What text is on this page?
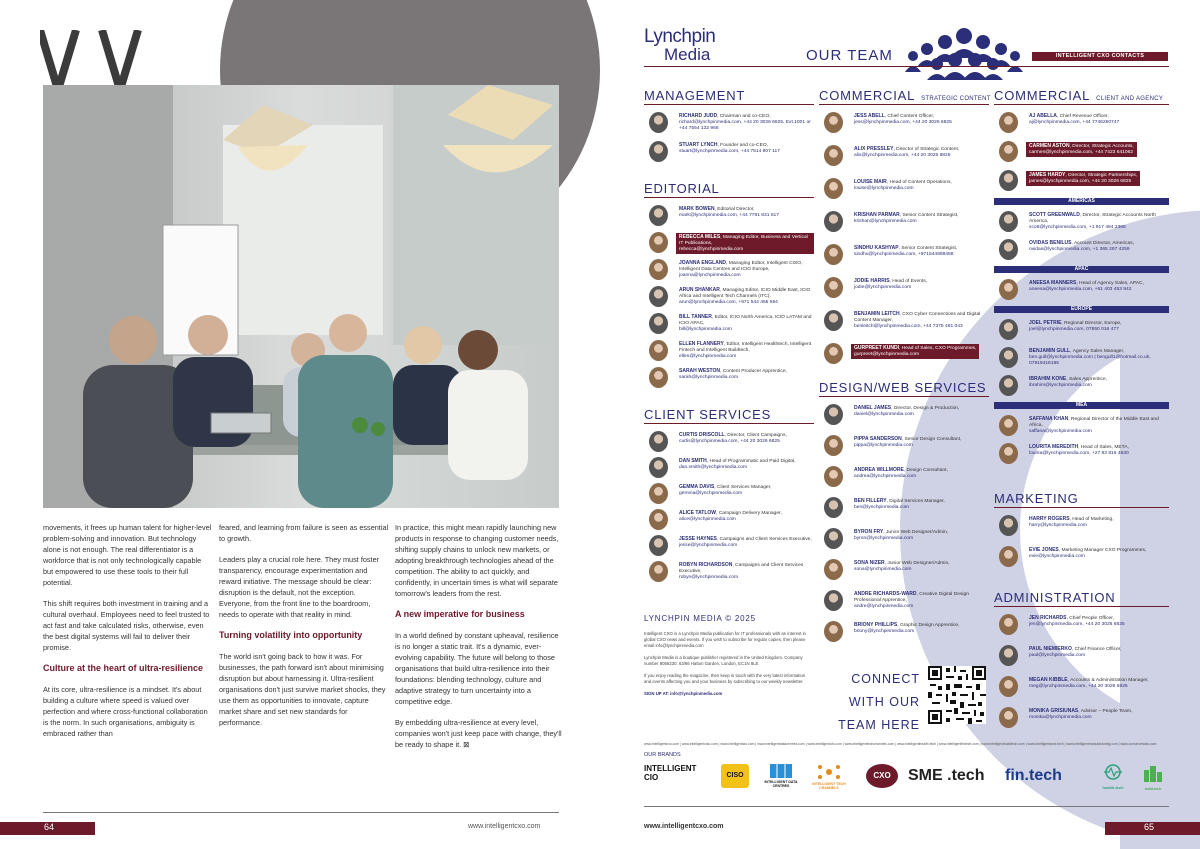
movements, it frees up human talent for higher-level problem-solving and innovation. But technology alone is not enough. The real differentiator is a workforce that is not only technologically capable but empowered to use these tools to their full potential.

This shift requires both investment in training and a cultural overhaul. Employees need to feel trusted to act fast and take calculated risks, otherwise, even the best digital systems will fail to deliver their promise.

Culture at the heart of ultra-resilience

At its core, ultra-resilience is a mindset. It's about building a culture where speed is valued over perfection and where cross-functional collaboration is the norm. In such organisations, ambiguity is embraced rather than

feared, and learning from failure is seen as essential to growth.

Leaders play a crucial role here. They must foster transparency, encourage experimentation and reward initiative. The message should be clear: disruption is the default, not the exception. Everyone, from the front line to the boardroom, needs to operate with that reality in mind.

Turning volatility into opportunity

The world isn't going back to how it was. For businesses, the path forward isn't about minimising disruption but about harnessing it. Ultra-resilient organisations don't just survive market shocks, they use them as opportunities to innovate, capture market share and set new standards for performance.

In practice, this might mean rapidly launching new products in response to changing customer needs, shifting supply chains to unlock new markets, or adopting breakthrough technologies ahead of the competition. The ability to act quickly, and confidently, in uncertain times is what will separate tomorrow's leaders from the rest.

A new imperative for business

In a world defined by constant upheaval, resilience is no longer a static trait. It's a dynamic, ever-evolving capability. The future will belong to those organisations that build ultra-resilience into their foundations: blending technology, culture and adaptive strategy to turn uncertainty into a competitive edge.

By embedding ultra-resilience at every level, companies won't just keep pace with change, they'll be ready to shape it. ⊠

64	www.intelligentcxo.com
Lynchpin
Media	OUR TEAM	INTELLIGENT CXO CONTACTS
MANAGEMENT
RICHARD JUDD, Chairman and co-CEO,
richard@lynchpinmedia.com, +44 20 3026 6825, Ext.1001 or +44 7554 132 966
STUART LYNCH, Founder and co-CEO,
stuart@lynchpinmedia.com, +44 7514 807 117
EDITORIAL
MARK BOWEN, Editorial Director,
mark@lynchpinmedia.com, +44 7791 831 617
REBECCA MILES, Managing Editor, Business and Vertical IT Publications,
rebecca@lynchpinmedia.com
JOANNA ENGLAND, Managing Editor, Intelligent CISO, Intelligent Data Centres and ICIO Europe,
joanna@lynchpinmedia.com
ARUN SHANKAR, Managing Editor, ICIO Middle East, ICIO Africa and Intelligent Tech Channels (ITC),
arun@lynchpinmedia.com, +971 544 455 594
BILL TANNER, Editor, ICIO North America, ICIO LATAM and ICIO APAC,
bill@lynchpinmedia.com
ELLEN FLANNERY, Editor, Intelligent Healthtech, Intelligent Fintech and Intelligent Buildtech,
ellen@lynchpinmedia.com
SARAH WESTON, Content Producer Apprentice,
sarah@lynchpinmedia.com
CLIENT SERVICES
CURTIS DRISCOLL, Director, Client Campaigns,
curtis@lynchpinmedia.com, +44 20 3026 6825
DAN SMITH, Head of Programmatic and Paid Digital,
dan.smith@lynchpinmedia.com
GEMMA DAVIS, Client Services Manager,
gemma@lynchpinmedia.com
ALICE TATLOW, Campaign Delivery Manager,
alice@lynchpinmedia.com
JESSE HAYNES, Campaigns and Client Services Executive,
jesse@lynchpinmedia.com
ROBYN RICHARDSON, Campaigns and Client Services Executive,
robyn@lynchpinmedia.com
COMMERCIAL STRATEGIC CONTENT
JESS ABELL, Chief Content Officer,
jess@lynchpinmedia.com, +44 20 3026 6825
ALIX PRESSLEY, Director of Strategic Content,
alix@lynchpinmedia.com, +44 20 3026 6825
LOUISE MAIR, Head of Content Operations,
louise@lynchpinmedia.com
KRISHAN PARMAR, Senior Content Strategist,
krishan@lynchpinmedia.com
SINDHU KASHYAP, Senior Content Strategist,
sindhu@lynchpinmedia.com, +971544988488
JODIE HARRIS, Head of Events,
jodie@lynchpinmedia.com
BENJAMIN LEITCH, CXO Cyber Connections and Digital Content Manager,
benleitch@lynchpinmedia.com, +44 7375 491 043
GURPREET KUNDI, Head of Sales, CXO Programmes,
gurpreet@lynchpinmedia.com
DESIGN/WEB SERVICES
DANIEL JAMES, Director, Design & Production,
daniel@lynchpinmedia.com
PIPPA SANDERSON, Senior Design Consultant,
pippa@lynchpinmedia.com
ANDREA WILLMORE, Design Consultant,
andrea@lynchpinmedia.com
BEN FILLERY, Digital Services Manager,
ben@lynchpinmedia.com
BYRON FRY, Junior Web Designer/Admin,
byron@lynchpinmedia.com
SONA NIZER, Junior Web Designer/Admin,
sona@lynchpinmedia.com
ANDRE RICHARDS-WARD, Creative Digital Design Professional Apprentice,
andre@lynchpinmedia.com
BRIONY PHILLIPS, Graphic Design Apprentice,
briony@lynchpinmedia.com
COMMERCIAL CLIENT AND AGENCY
AJ ABELLA, Chief Revenue Officer,
aj@lynchpinmedia.com, +44 7746250747
CARMEN ASTON, Director, Strategic Accounts,
carmen@lynchpinmedia.com, +44 7423 641062
JAMES HARDY, Director, Strategic Partnerships,
james@lynchpinmedia.com, +44 20 3026 6825
AMERICAS
SCOTT GREENWALD, Director, Strategic Accounts North America,
scott@lynchpinmedia.com, +1 917 494 2385
OVIDAS BENILUS, Account Director, Americas,
ovidas@lynchpinmedia.com, +1 365 297 4259
APAC
ANEESA MANNERS, Head of Agency Sales, APAC,
aneesa@lynchpinmedia.com, +61 403 453 942
EUROPE
JOEL PETRIE, Regional Director, Europe,
joel@lynchpinmedia.com, 07850 016 477
BENJAMIN GULL, Agency Sales Manager,
ben.gull@lynchpinmedia.com | bengull1@hotmail.co.uk, 07919418185
IBRAHIM KONE, Sales Apprentice,
ibrahim@lynchpinmedia.com
MEA
SAFFANA KHAN, Regional Director of the Middle East and Africa,
saffana@lynchpinmedia.com
LOURITA MEREDITH, Head of Sales, META,
lourita@lynchpinmedia.com, +27 83 816 4630
MARKETING
HARRY ROGERS, Head of Marketing,
harry@lynchpinmedia.com
EVIE JONES, Marketing Manager CXO Programmes,
evie@lynchpinmedia.com
ADMINISTRATION
JEN RICHARDS, Chief People Officer,
jen@lynchpinmedia.com, +44 20 3026 6825
PAUL NIEMIERKO, Chief Finance Officer,
paul@lynchpinmedia.com
MEGAN KIBBLE, Accounts & Administration Manager,
meg@lynchpinmedia.com, +44 20 3026 6825
MONIKA GRISIUNAS, Advisor – People Team,
monika@lynchpinmedia.com
LYNCHPIN MEDIA © 2025

Intelligent CXO is a Lynchpin Media publication for IT professionals with an interest in global CXO news and events. If you wish to subscribe for regular copies, then please email info@lynchpinmedia.com

Lynchpin Media is a boutique publisher registered in the United Kingdom. Company number 8056230. 63/66 Hatton Garden, London, EC1N 8LE

If you enjoy reading the magazine, then keep in touch with the very latest information and events affecting you and your business by subscribing to our weekly newsletter.

SIGN UP AT: info@lynchpinmedia.com

CONNECT
WITH OUR
TEAM HERE
www.intelligentcxo.com | www.intelligentciso.com | www.intelligentcio.com | www.intelligentdatacentres.com | www.intelligentcfo.com | www.intelligenttechchannels.com | www.intelligenthealth.tech | www.intelligentfintech.com | www.intelligentbuildtech.com | www.intelligentsme.tech | www.intelligentmanufacturing.com | www.conservedata.com
OUR BRANDS
INTELLIGENT CIO	CISO
INTELLIGENT DATA CENTRES	INTELLIGENT TECH CHANNELS
CXO	SME .tech fin.tech
health.tech	build.tech
www.intelligentcxo.com	65
